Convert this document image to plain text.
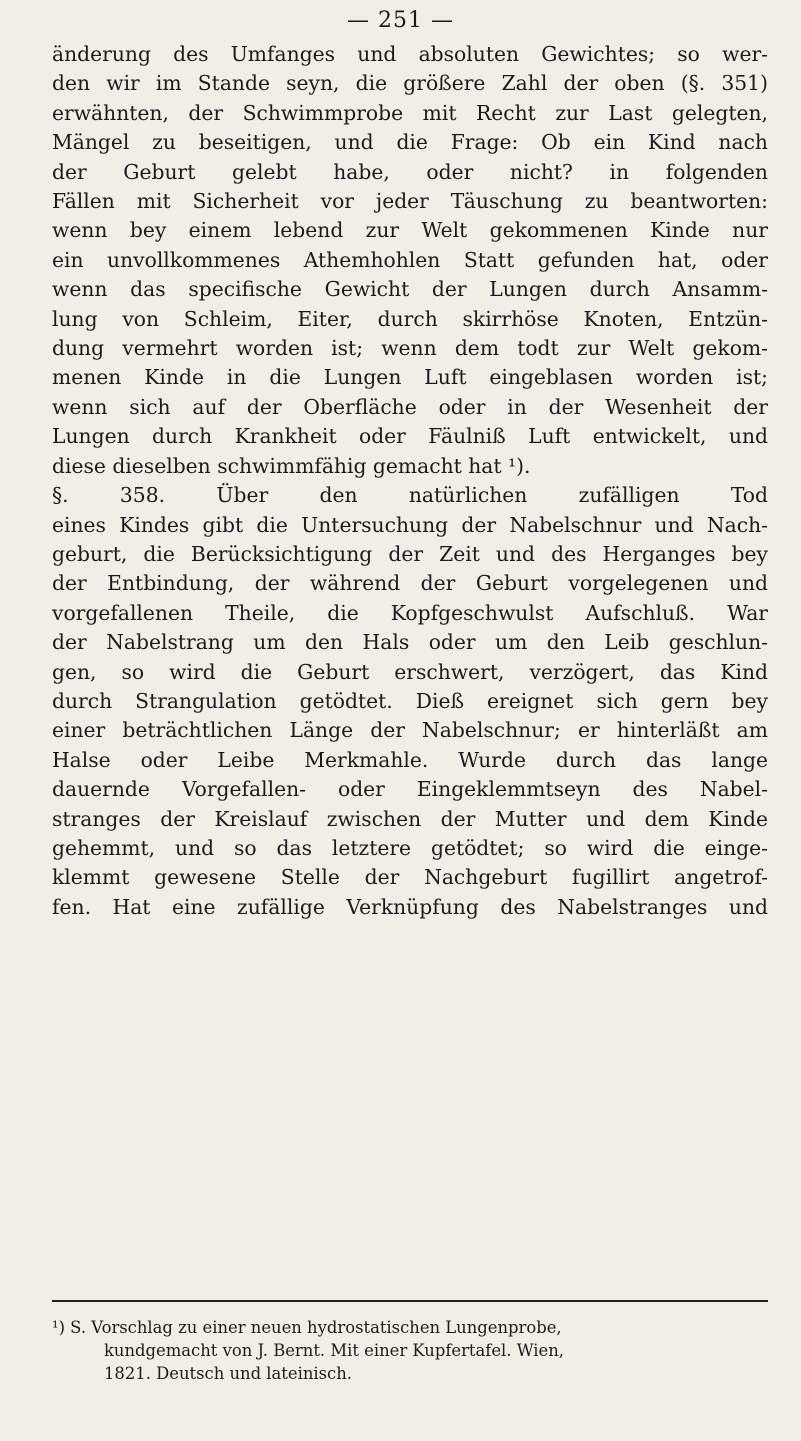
— 251 —
änderung des Umfanges und absoluten Gewichtes; so wer-
den wir im Stande seyn, die größere Zahl der oben (§. 351)
erwähnten, der Schwimmprobe mit Recht zur Last gelegten,
Mängel zu beseitigen, und die Frage: Ob ein Kind nach
der Geburt gelebt habe, oder nicht? in folgenden
Fällen mit Sicherheit vor jeder Täuschung zu beantworten:
wenn bey einem lebend zur Welt gekommenen Kinde nur
ein unvollkommenes Athemhohlen Statt gefunden hat, oder
wenn das specifische Gewicht der Lungen durch Ansamm-
lung von Schleim, Eiter, durch skirrhöse Knoten, Entzün-
dung vermehrt worden ist; wenn dem todt zur Welt gekom-
menen Kinde in die Lungen Luft eingeblasen worden ist;
wenn sich auf der Oberfläche oder in der Wesenheit der
Lungen durch Krankheit oder Fäulniß Luft entwickelt, und
diese dieselben schwimmfähig gemacht hat ¹).
§. 358. Über den natürlichen zufälligen Tod
eines Kindes gibt die Untersuchung der Nabelschnur und Nach-
geburt, die Berücksichtigung der Zeit und des Herganges bey
der Entbindung, der während der Geburt vorgelegenen und
vorgefallenen Theile, die Kopfgeschwulst Aufschluß. War
der Nabelstrang um den Hals oder um den Leib geschlun-
gen, so wird die Geburt erschwert, verzögert, das Kind
durch Strangulation getödtet. Dieß ereignet sich gern bey
einer beträchtlichen Länge der Nabelschnur; er hinterläßt am
Halse oder Leibe Merkmahle. Wurde durch das lange
dauernde Vorgefallen- oder Eingeklemmtseyn des Nabel-
stranges der Kreislauf zwischen der Mutter und dem Kinde
gehemmt, und so das letztere getödtet; so wird die einge-
klemmt gewesene Stelle der Nachgeburt fugillirt angetrof-
fen. Hat eine zufällige Verknüpfung des Nabelstranges und
¹) S. Vorschlag zu einer neuen hydrostatischen Lungenprobe,
kundgemacht von J. Bernt. Mit einer Kupfertafel. Wien,
1821. Deutsch und lateinisch.
